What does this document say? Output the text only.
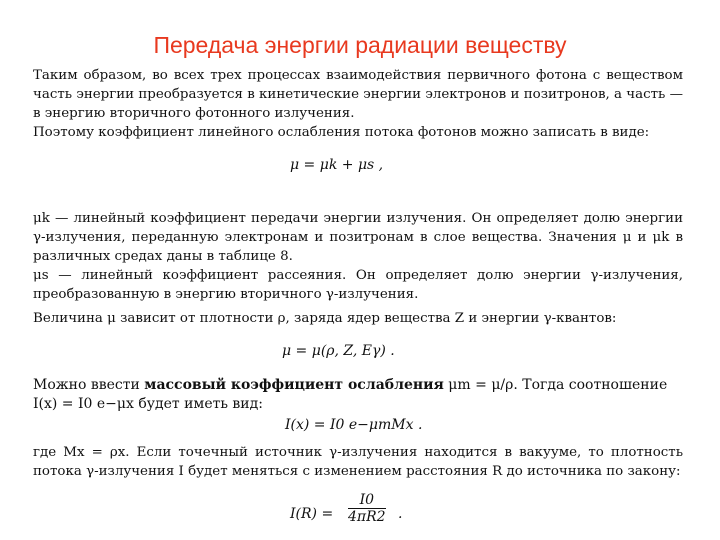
Передача энергии радиации веществу
Таким образом, во всех трех процессах взаимодействия первичного фотона с веществом часть энергии преобразуется в кинетические энергии электронов и позитронов, а часть — в энергию вторичного фотонного излучения.
Поэтому коэффициент линейного ослабления потока фотонов можно записать в виде:
μ = μk + μs ,
μk — линейный коэффициент передачи энергии излучения. Он определяет долю энергии γ-излучения, переданную электронам и позитронам в слое вещества. Значения μ и μk в различных средах даны в таблице 8.
μs — линейный коэффициент рассеяния. Он определяет долю энергии γ-излучения, преобразованную в энергию вторичного γ-излучения.
Величина μ зависит от плотности ρ, заряда ядер вещества Z и энергии γ-квантов:
μ = μ(ρ, Z, Eγ) .
Можно ввести массовый коэффициент ослабления μm = μ/ρ. Тогда соотношение
I(x) = I0 e−μx будет иметь вид:
I(x) = I0 e−μmMx .
где Mx = ρx. Если точечный источник γ-излучения находится в вакууме, то плотность потока γ-излучения I будет меняться с изменением расстояния R до источника по закону:
$I(R) = \frac{I0}{4\pi R2}$ .
